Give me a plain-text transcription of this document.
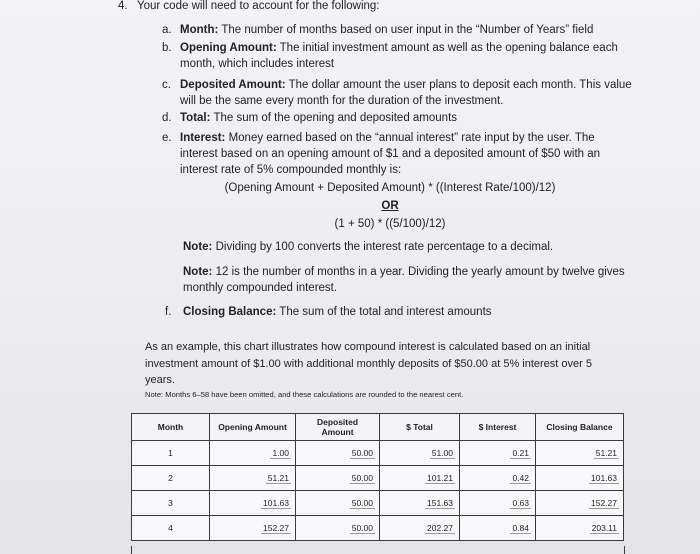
4. Your code will need to account for the following:
a. Month: The number of months based on user input in the “Number of Years” field
b. Opening Amount: The initial investment amount as well as the opening balance each
month, which includes interest
c. Deposited Amount: The dollar amount the user plans to deposit each month. This value
will be the same every month for the duration of the investment.
d. Total: The sum of the opening and deposited amounts
e. Interest: Money earned based on the “annual interest” rate input by the user. The
interest based on an opening amount of $1 and a deposited amount of $50 with an
interest rate of 5% compounded monthly is:
(Opening Amount + Deposited Amount) * ((Interest Rate/100)/12)
OR
(1 + 50) * ((5/100)/12)
Note: Dividing by 100 converts the interest rate percentage to a decimal.
Note: 12 is the number of months in a year. Dividing the yearly amount by twelve gives
monthly compounded interest.
f. Closing Balance: The sum of the total and interest amounts
As an example, this chart illustrates how compound interest is calculated based on an initial
investment amount of $1.00 with additional monthly deposits of $50.00 at 5% interest over 5
years.
Note: Months 6–58 have been omitted, and these calculations are rounded to the nearest cent.
Month	Opening Amount	Deposited Amount	$ Total	$ Interest	Closing Balance
1	1.00	50.00	51.00	0.21	51.21
2	51.21	50.00	101.21	0.42	101.63
3	101.63	50.00	151.63	0.63	152.27
4	152.27	50.00	202.27	0.84	203.11
